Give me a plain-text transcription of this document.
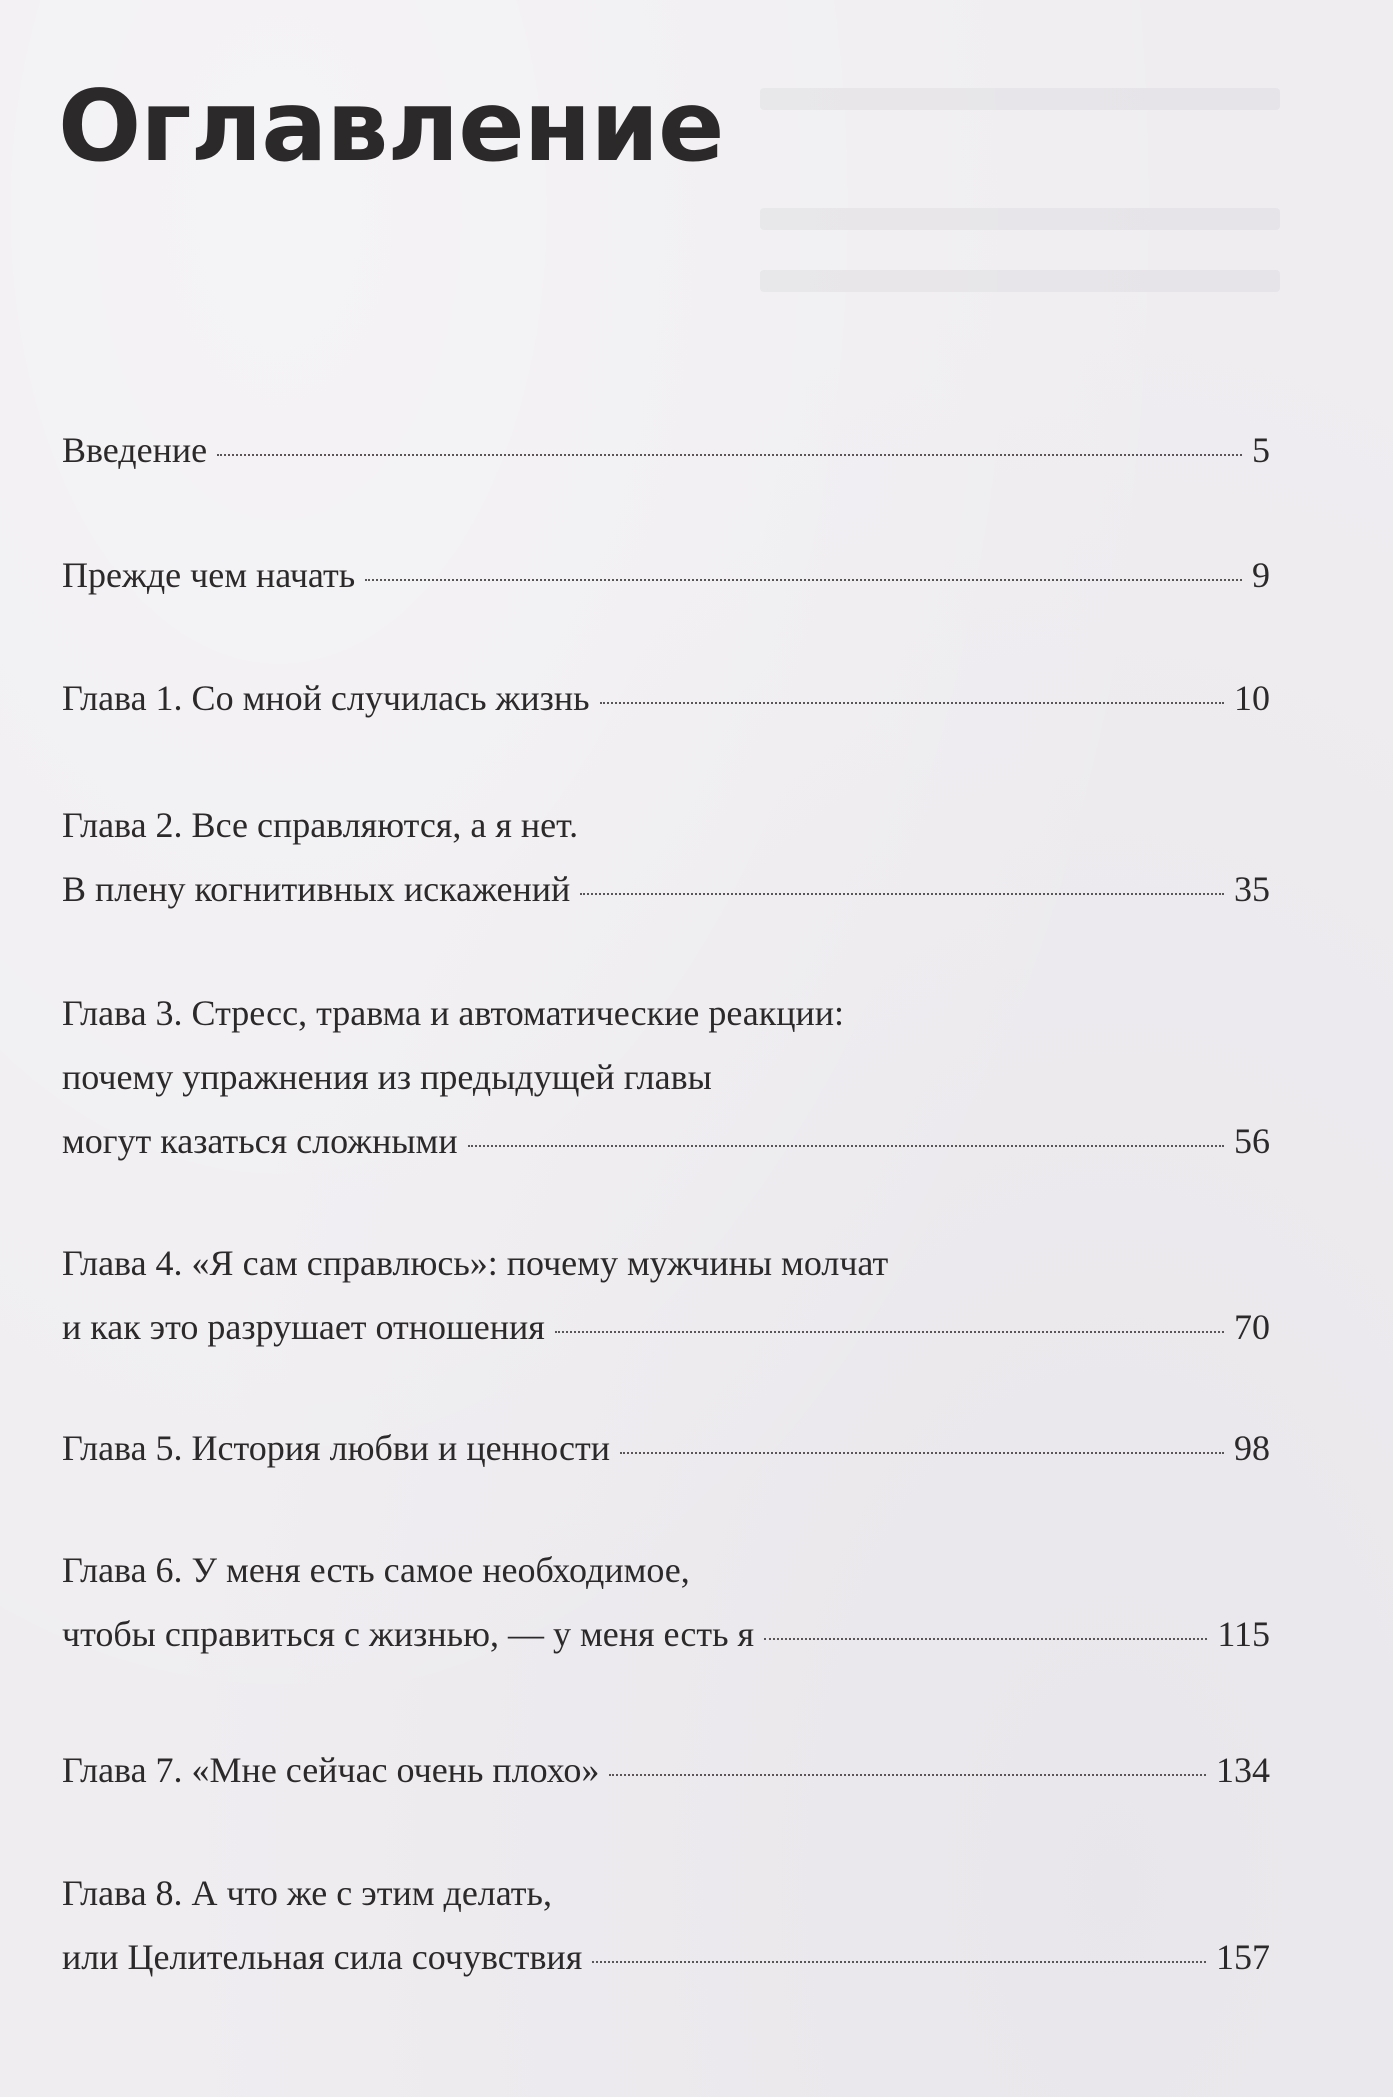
Оглавление
Введение	5
Прежде чем начать	9
Глава 1. Со мной случилась жизнь	10
Глава 2. Все справляются, а я нет.
В плену когнитивных искажений	35
Глава 3. Стресс, травма и автоматические реакции:
почему упражнения из предыдущей главы
могут казаться сложными	56
Глава 4. «Я сам справлюсь»: почему мужчины молчат
и как это разрушает отношения	70
Глава 5. История любви и ценности	98
Глава 6. У меня есть самое необходимое,
чтобы справиться с жизнью, — у меня есть я	115
Глава 7. «Мне сейчас очень плохо»	134
Глава 8. А что же с этим делать,
или Целительная сила сочувствия	157
